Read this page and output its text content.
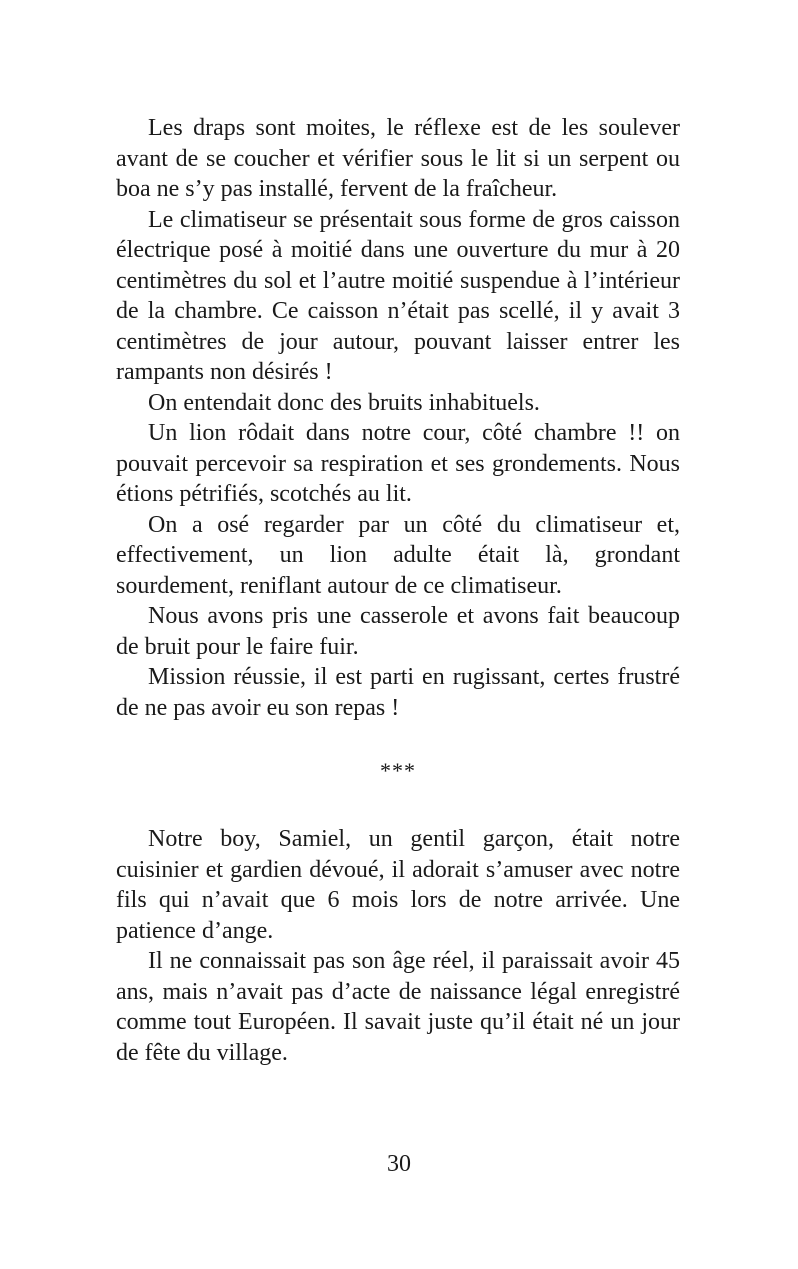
Les draps sont moites, le réflexe est de les soulever avant de se coucher et vérifier sous le lit si un serpent ou boa ne s’y pas installé, fervent de la fraîcheur.

Le climatiseur se présentait sous forme de gros caisson électrique posé à moitié dans une ouverture du mur à 20 centimètres du sol et l’autre moitié suspendue à l’intérieur de la chambre. Ce caisson n’était pas scellé, il y avait 3 centimètres de jour autour, pouvant laisser entrer les rampants non désirés !

On entendait donc des bruits inhabituels.

Un lion rôdait dans notre cour, côté chambre !! on pouvait percevoir sa respiration et ses grondements. Nous étions pétrifiés, scotchés au lit.

On a osé regarder par un côté du climatiseur et, effectivement, un lion adulte était là, grondant sourdement, reniflant autour de ce climatiseur.

Nous avons pris une casserole et avons fait beaucoup de bruit pour le faire fuir.

Mission réussie, il est parti en rugissant, certes frustré de ne pas avoir eu son repas !

***

Notre boy, Samiel, un gentil garçon, était notre cuisinier et gardien dévoué, il adorait s’amuser avec notre fils qui n’avait que 6 mois lors de notre arrivée. Une patience d’ange.

Il ne connaissait pas son âge réel, il paraissait avoir 45 ans, mais n’avait pas d’acte de naissance légal enregistré comme tout Européen. Il savait juste qu’il était né un jour de fête du village.

30
